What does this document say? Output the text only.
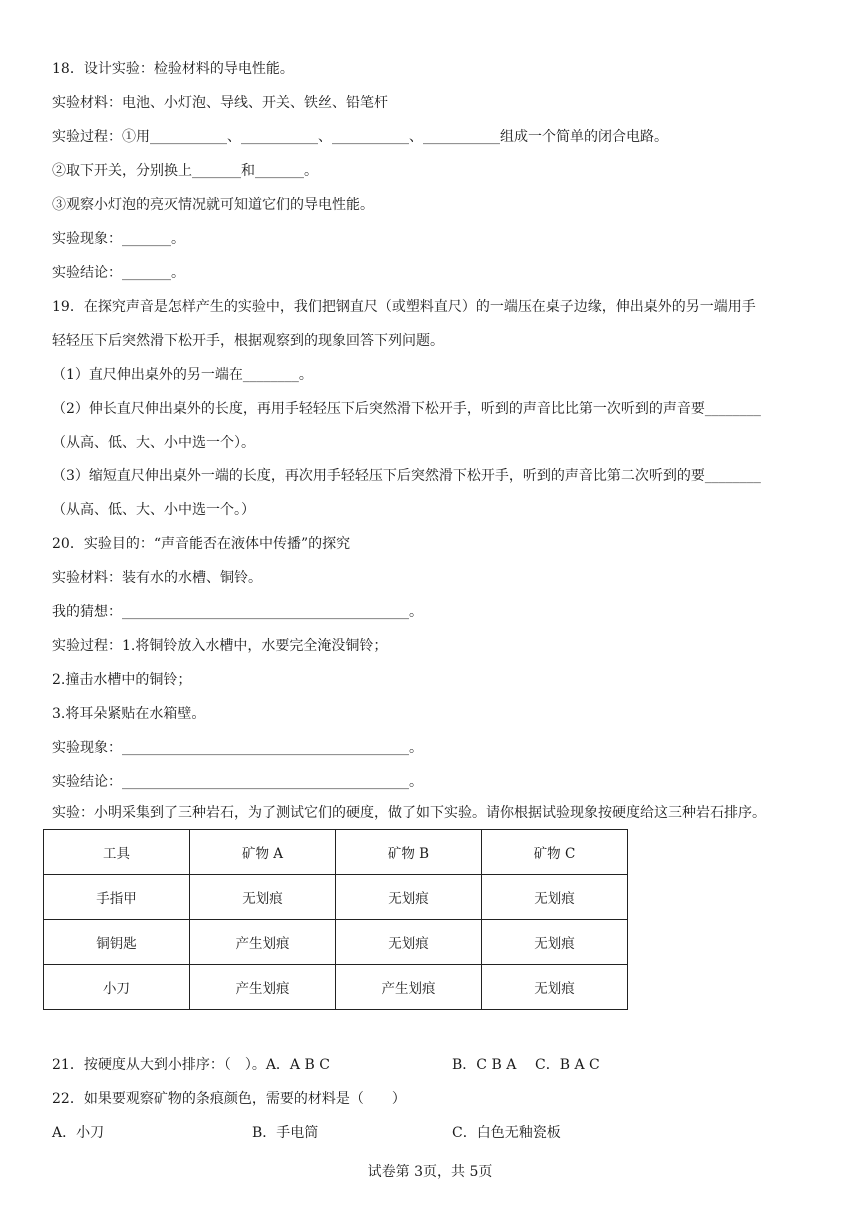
18．设计实验：检验材料的导电性能。
实验材料：电池、小灯泡、导线、开关、铁丝、铅笔杆
实验过程：①用___________、___________、___________、___________组成一个简单的闭合电路。
②取下开关，分别换上_______和_______。
③观察小灯泡的亮灭情况就可知道它们的导电性能。
实验现象：_______。
实验结论：_______。
19．在探究声音是怎样产生的实验中，我们把钢直尺（或塑料直尺）的一端压在桌子边缘，伸出桌外的另一端用手
轻轻压下后突然滑下松开手，根据观察到的现象回答下列问题。
（1）直尺伸出桌外的另一端在________。
（2）伸长直尺伸出桌外的长度，再用手轻轻压下后突然滑下松开手，听到的声音比比第一次听到的声音要________
（从高、低、大、小中选一个）。
（3）缩短直尺伸出桌外一端的长度，再次用手轻轻压下后突然滑下松开手，听到的声音比第二次听到的要________
（从高、低、大、小中选一个。）
20．实验目的：“声音能否在液体中传播”的探究
实验材料：装有水的水槽、铜铃。
我的猜想：_________________________________________。
实验过程：1.将铜铃放入水槽中，水要完全淹没铜铃；
2.撞击水槽中的铜铃；
3.将耳朵紧贴在水箱壁。
实验现象：_________________________________________。
实验结论：_________________________________________。
实验：小明采集到了三种岩石，为了测试它们的硬度，做了如下实验。请你根据试验现象按硬度给这三种岩石排序。
工具	矿物 A	矿物 B	矿物 C
手指甲	无划痕	无划痕	无划痕
铜钥匙	产生划痕	无划痕	无划痕
小刀	产生划痕	产生划痕	无划痕
21．按硬度从大到小排序：（　）。A．A B C	B．C B A C．B A C
22．如果要观察矿物的条痕颜色，需要的材料是（　　）
A．小刀	B．手电筒	C．白色无釉瓷板
试卷第 3页，共 5页
